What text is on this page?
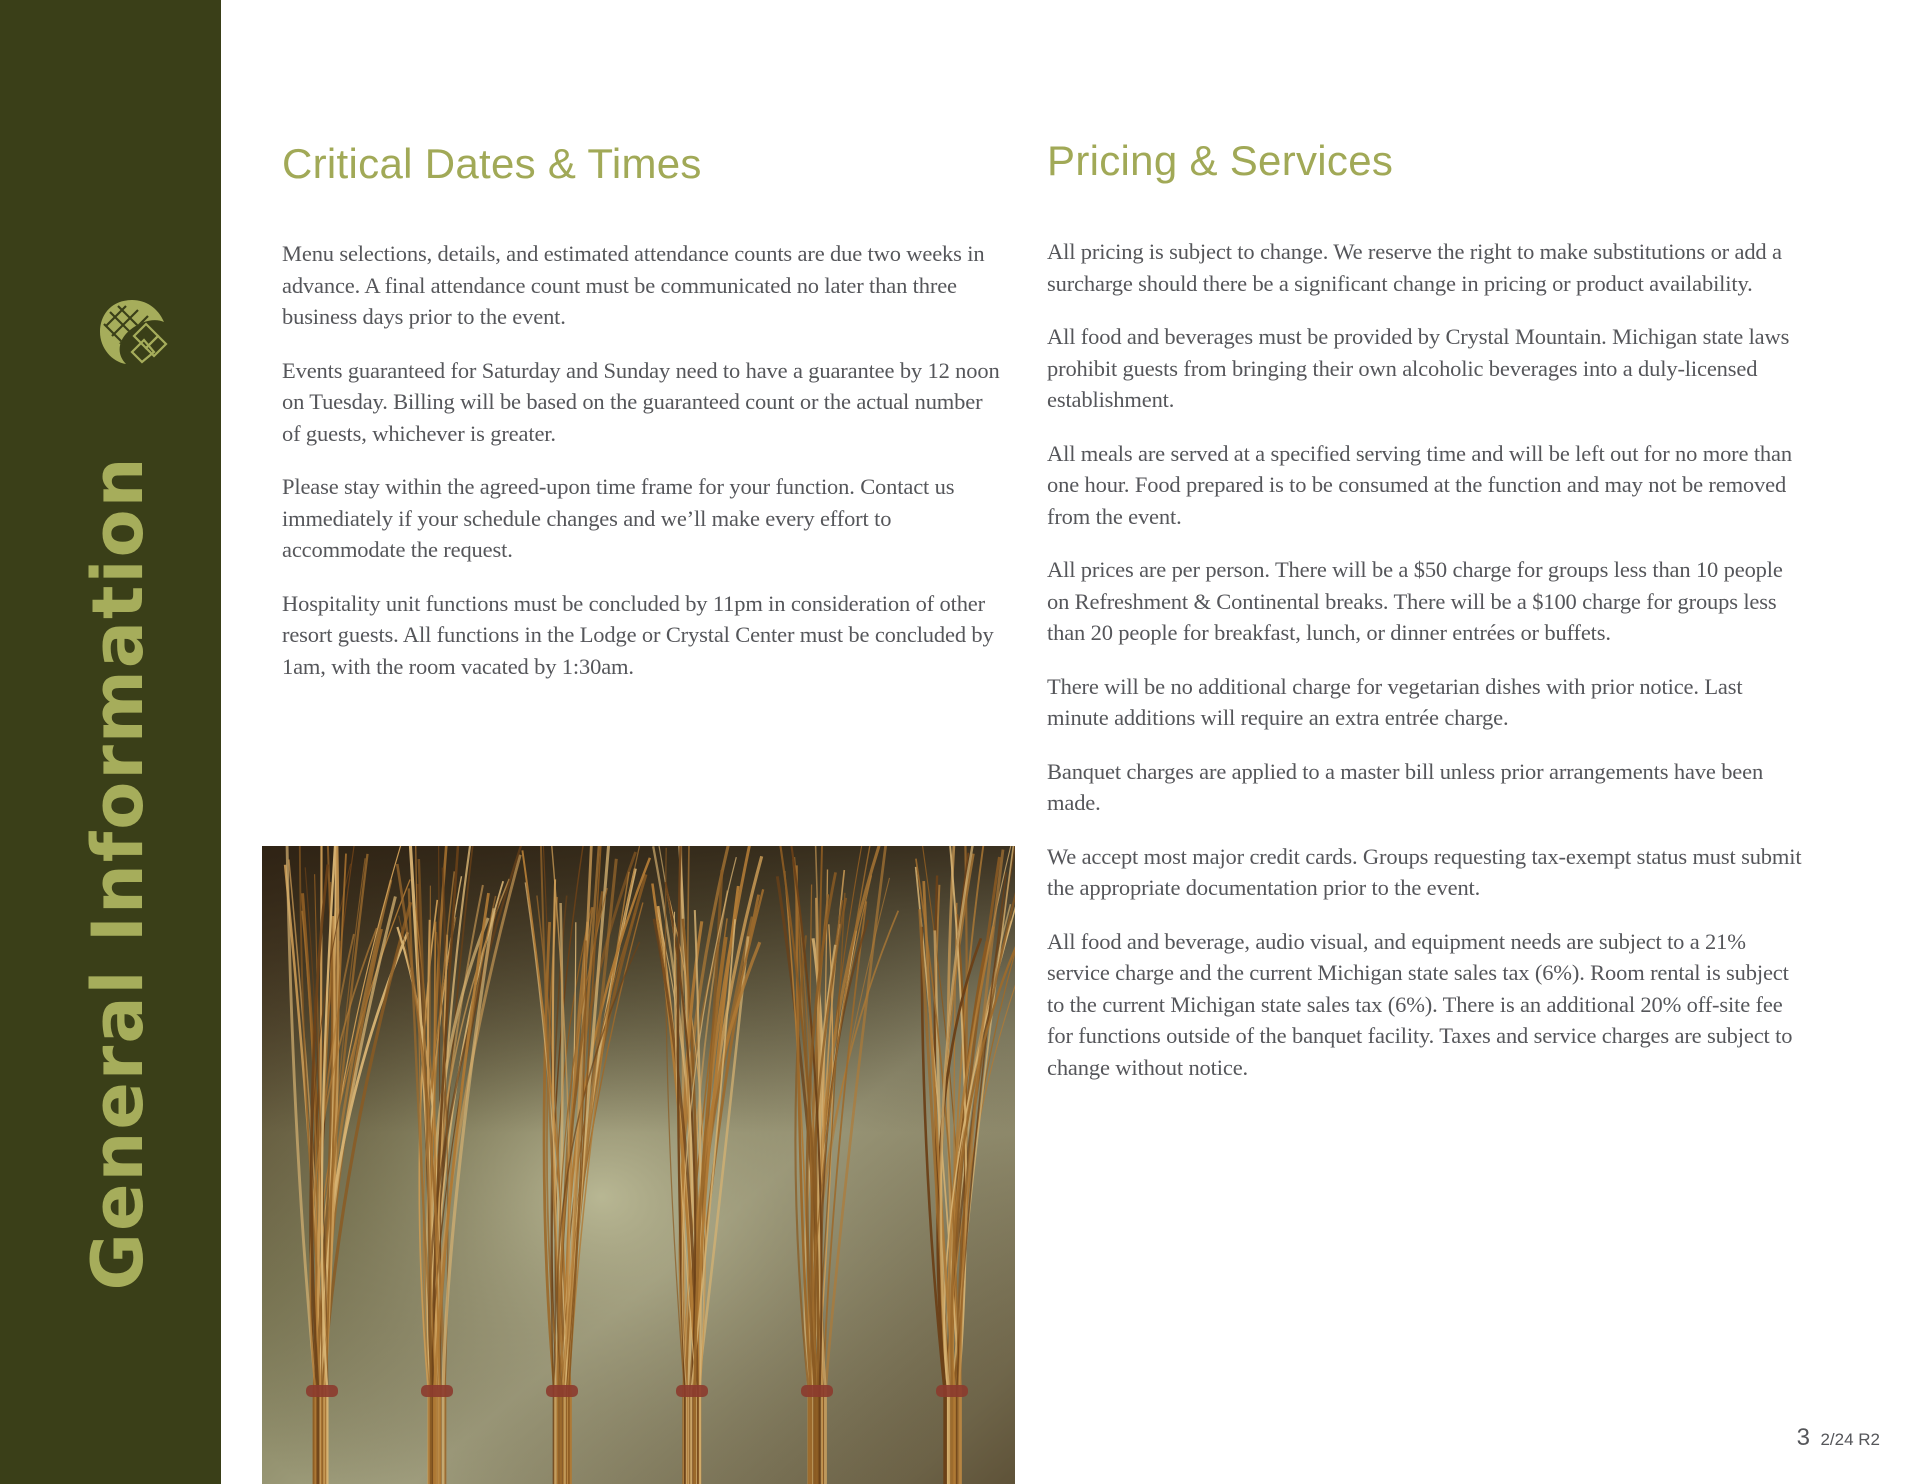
General Information
Critical Dates & Times

Menu selections, details, and estimated attendance counts are due two weeks in advance. A final attendance count must be communicated no later than three business days prior to the event.

Events guaranteed for Saturday and Sunday need to have a guarantee by 12 noon on Tuesday. Billing will be based on the guaranteed count or the actual number of guests, whichever is greater.

Please stay within the agreed-upon time frame for your function. Contact us immediately if your schedule changes and we’ll make every effort to accommodate the request.

Hospitality unit functions must be concluded by 11pm in consideration of other resort guests. All functions in the Lodge or Crystal Center must be concluded by 1am, with the room vacated by 1:30am.

Pricing & Services

All pricing is subject to change. We reserve the right to make substitutions or add a surcharge should there be a significant change in pricing or product availability.

All food and beverages must be provided by Crystal Mountain. Michigan state laws prohibit guests from bringing their own alcoholic beverages into a duly-licensed establishment.

All meals are served at a specified serving time and will be left out for no more than one hour. Food prepared is to be consumed at the function and may not be removed from the event.

All prices are per person. There will be a $50 charge for groups less than 10 people on Refreshment & Continental breaks. There will be a $100 charge for groups less than 20 people for breakfast, lunch, or dinner entrées or buffets.

There will be no additional charge for vegetarian dishes with prior notice. Last minute additions will require an extra entrée charge.

Banquet charges are applied to a master bill unless prior arrangements have been made.

We accept most major credit cards. Groups requesting tax-exempt status must submit the appropriate documentation prior to the event.

All food and beverage, audio visual, and equipment needs are subject to a 21% service charge and the current Michigan state sales tax (6%). Room rental is subject to the current Michigan state sales tax (6%). There is an additional 20% off-site fee for functions outside of the banquet facility. Taxes and service charges are subject to change without notice.

3 2/24 R2
